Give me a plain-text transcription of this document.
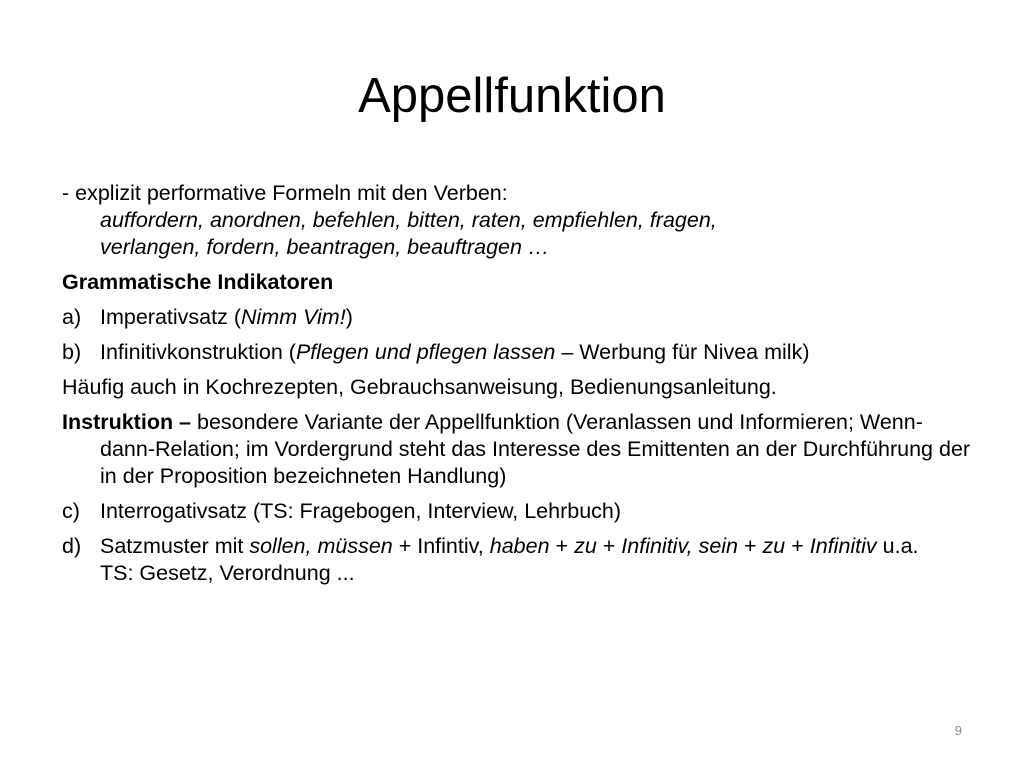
Appellfunktion

- explizit performative Formeln mit den Verben:
auffordern, anordnen, befehlen, bitten, raten, empfiehlen, fragen,
verlangen, fordern, beantragen, beauftragen …

Grammatische Indikatoren

a) Imperativsatz (Nimm Vim!)
b) Infinitivkonstruktion (Pflegen und pflegen lassen – Werbung für Nivea milk)

Häufig auch in Kochrezepten, Gebrauchsanweisung, Bedienungsanleitung.

Instruktion – besondere Variante der Appellfunktion (Veranlassen und Informieren; Wenn-dann-Relation; im Vordergrund steht das Interesse des Emittenten an der Durchführung der in der Proposition bezeichneten Handlung)

c) Interrogativsatz (TS: Fragebogen, Interview, Lehrbuch)
d) Satzmuster mit sollen, müssen + Infintiv, haben + zu + Infinitiv, sein + zu + Infinitiv u.a.
TS: Gesetz, Verordnung ...
9
